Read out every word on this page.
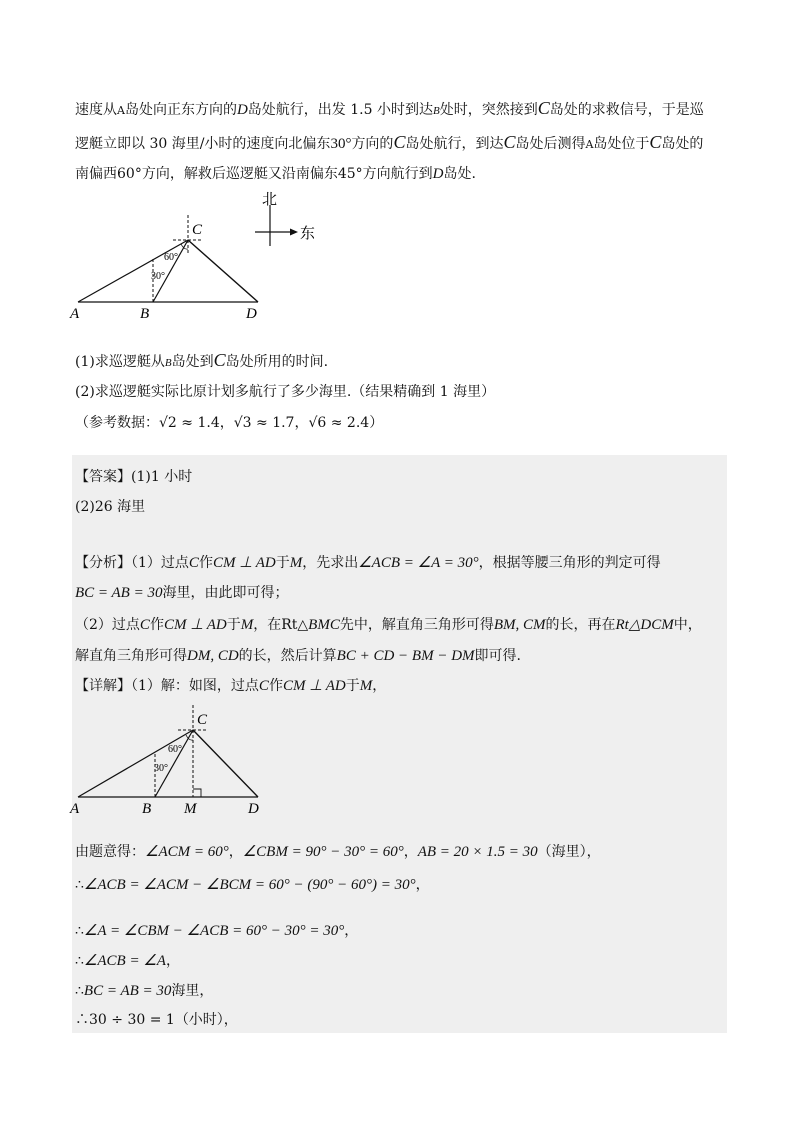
速度从A岛处向正东方向的D岛处航行，出发 1.5 小时到达B处时，突然接到C岛处的求救信号，于是巡
逻艇立即以 30 海里/小时的速度向北偏东30°方向的C岛处航行，到达C岛处后测得A岛处位于C岛处的
南偏西60°方向，解救后巡逻艇又沿南偏东45°方向航行到D岛处.
A	B	D
C
60°
30°
北
东
(1)求巡逻艇从B岛处到C岛处所用的时间.
(2)求巡逻艇实际比原计划多航行了多少海里.（结果精确到 1 海里）
（参考数据：√2 ≈ 1.4，√3 ≈ 1.7，√6 ≈ 2.4）
【答案】(1)1 小时
(2)26 海里
【分析】（1）过点C作CM ⊥ AD于M，先求出∠ACB = ∠A = 30°，根据等腰三角形的判定可得
BC = AB = 30海里，由此即可得；
（2）过点C作CM ⊥ AD于M，在Rt△BMC先中，解直角三角形可得BM, CM的长，再在Rt△DCM中，
解直角三角形可得DM, CD的长，然后计算BC + CD − BM − DM即可得.
【详解】（1）解：如图，过点C作CM ⊥ AD于M，
A	B M	D
C
60°
30°
由题意得：∠ACM = 60°，∠CBM = 90° − 30° = 60°，AB = 20 × 1.5 = 30（海里），
∴∠ACB = ∠ACM − ∠BCM = 60° − (90° − 60°) = 30°，
∴∠A = ∠CBM − ∠ACB = 60° − 30° = 30°，
∴∠ACB = ∠A，
∴BC = AB = 30海里，
∴30 ÷ 30 = 1（小时），
